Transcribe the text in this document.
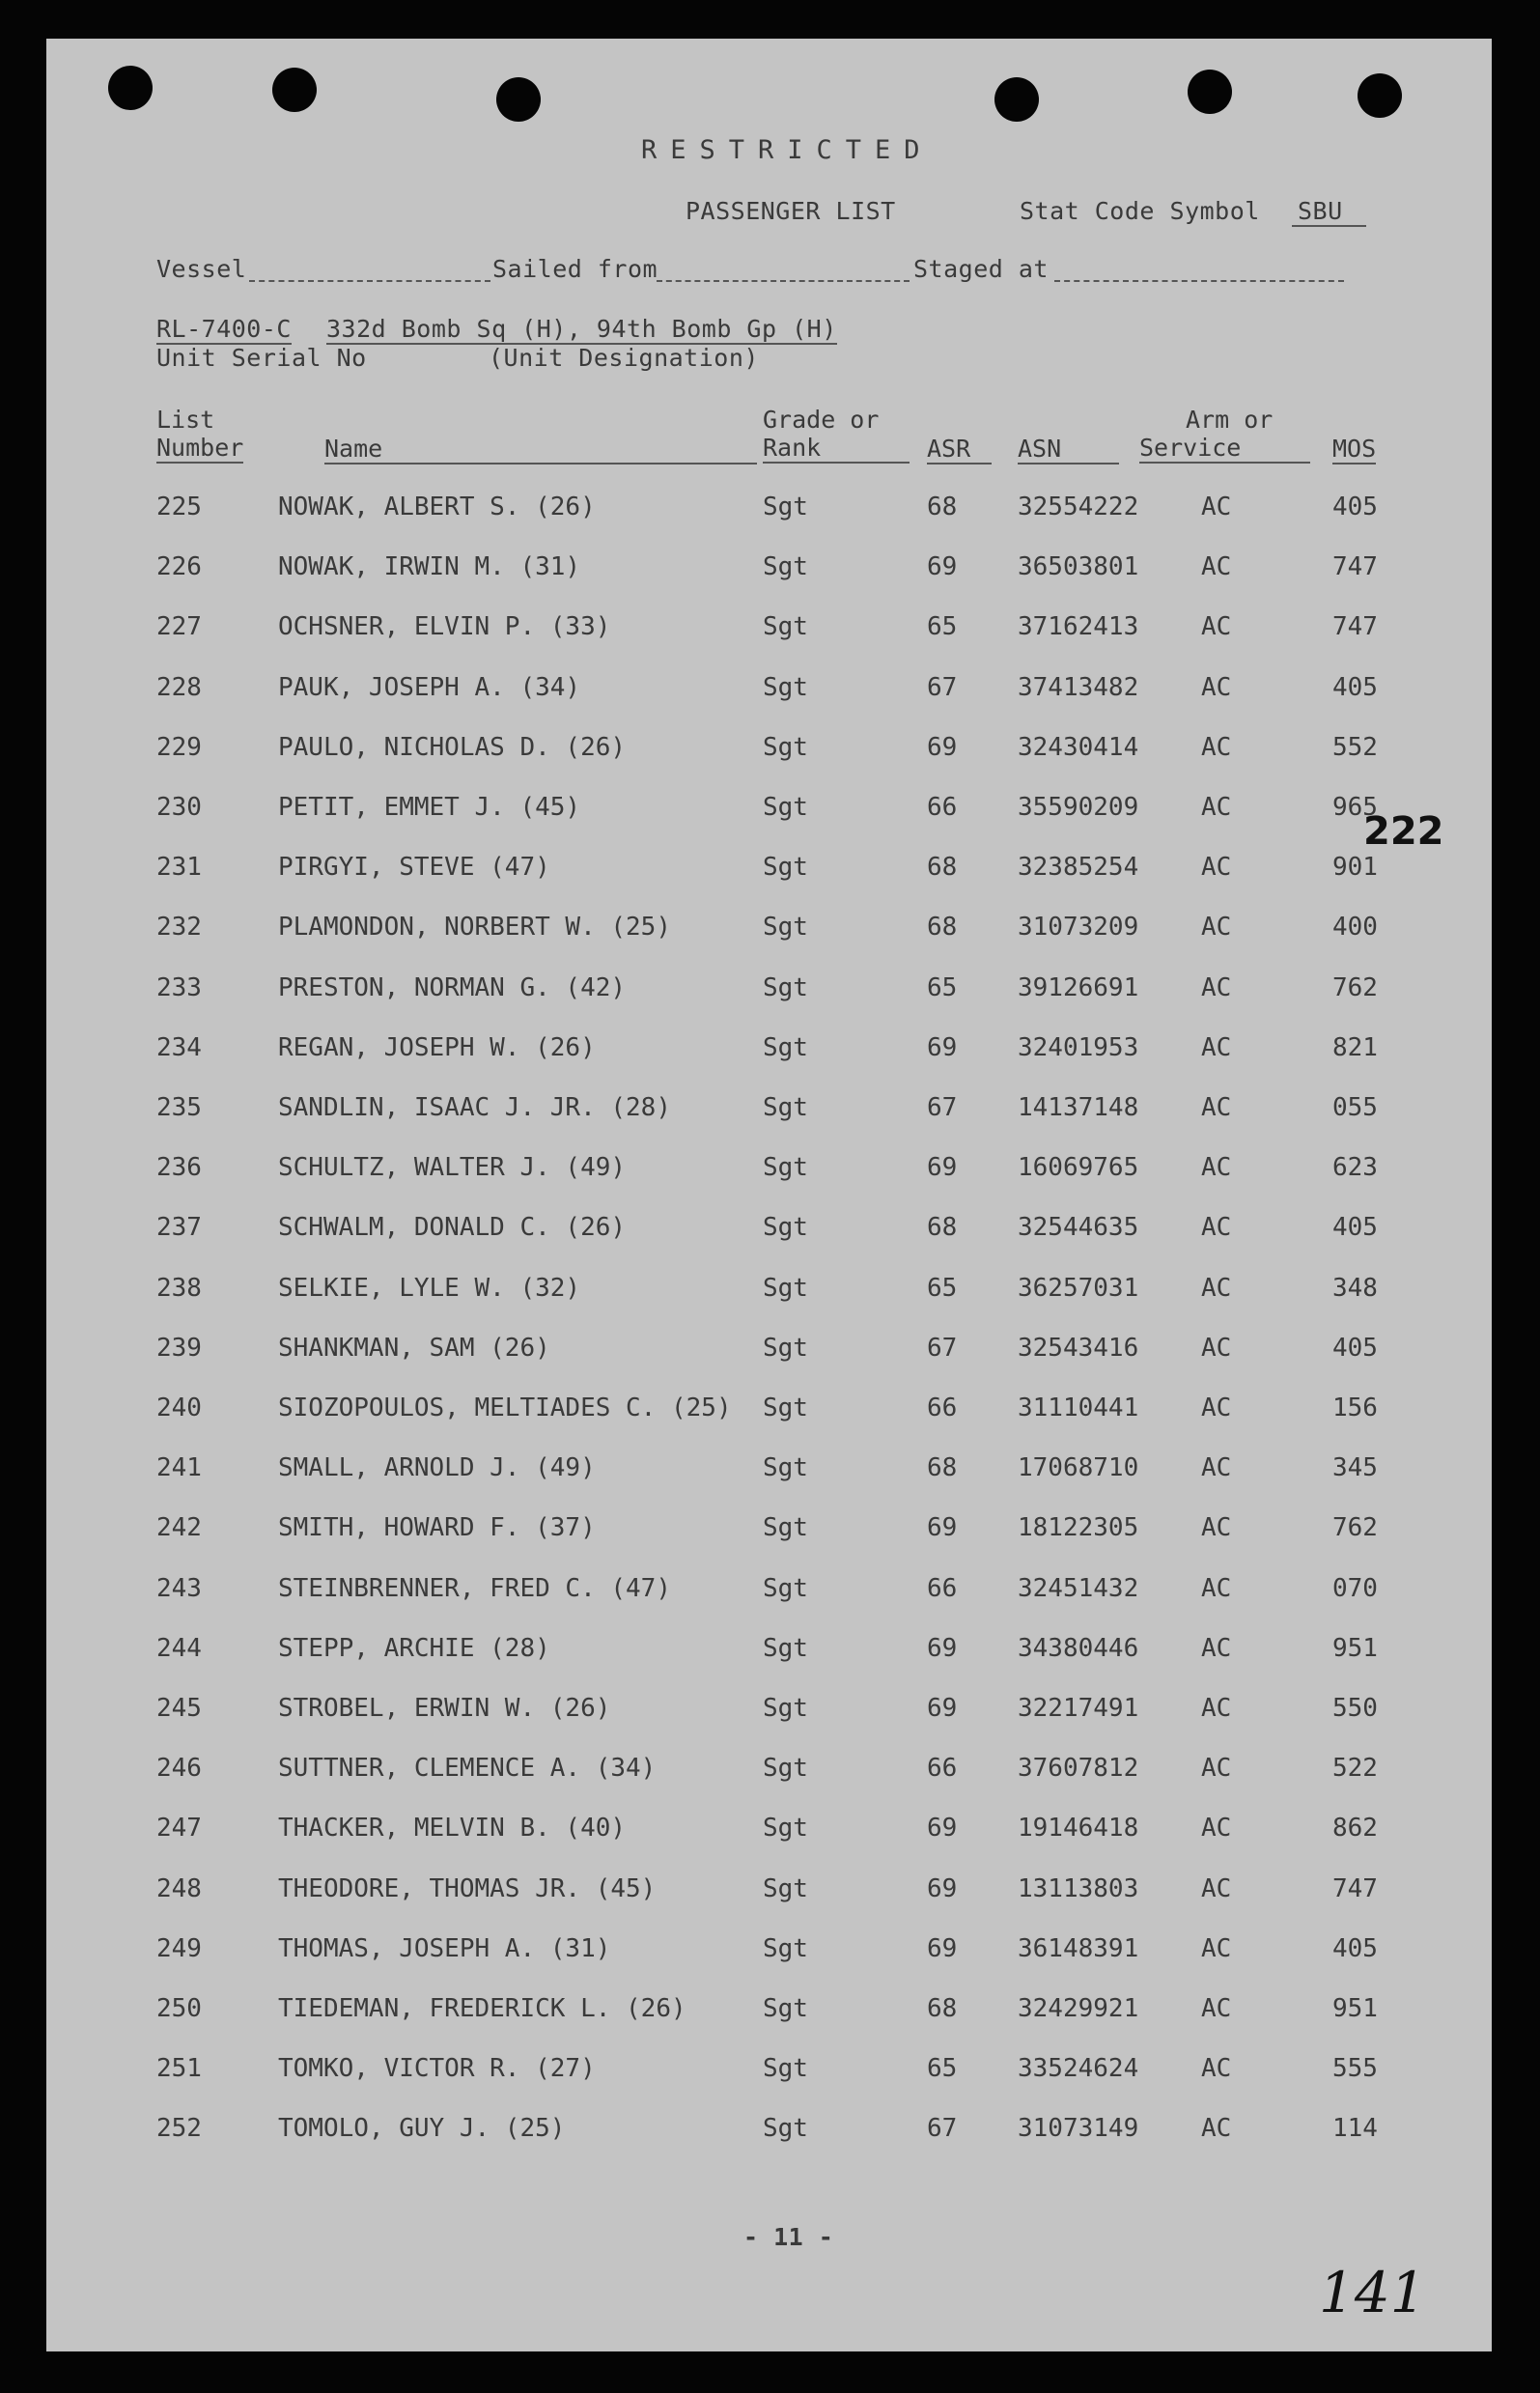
RESTRICTED
PASSENGER LIST	Stat Code Symbol SBU
Vessel	Sailed from	Staged at
RL-7400-C 332d Bomb Sq (H), 94th Bomb Gp (H)
Unit Serial No	(Unit Designation)
List
Number	Name
Grade or
Rank	ASR	ASN
Arm or
Service	MOS
225	NOWAK, ALBERT S. (26)	Sgt	68 32554222 AC	405
226	NOWAK, IRWIN M. (31)	Sgt	69 36503801 AC	747
227	OCHSNER, ELVIN P. (33)	Sgt	65 37162413 AC	747
228	PAUK, JOSEPH A. (34)	Sgt	67 37413482 AC	405
229	PAULO, NICHOLAS D. (26)	Sgt	69 32430414 AC	552
230	PETIT, EMMET J. (45)	Sgt	66 35590209 AC	965
231	PIRGYI, STEVE (47)	Sgt	68 32385254 AC	901
232	PLAMONDON, NORBERT W. (25)	Sgt	68 31073209 AC	400
233	PRESTON, NORMAN G. (42)	Sgt	65 39126691 AC	762
234	REGAN, JOSEPH W. (26)	Sgt	69 32401953 AC	821
235	SANDLIN, ISAAC J. JR. (28)	Sgt	67 14137148 AC	055
236	SCHULTZ, WALTER J. (49)	Sgt	69 16069765 AC	623
237	SCHWALM, DONALD C. (26)	Sgt	68 32544635 AC	405
238	SELKIE, LYLE W. (32)	Sgt	65 36257031 AC	348
239	SHANKMAN, SAM (26)	Sgt	67 32543416 AC	405
240	SIOZOPOULOS, MELTIADES C. (25) Sgt	66 31110441 AC	156
241	SMALL, ARNOLD J. (49)	Sgt	68 17068710 AC	345
242	SMITH, HOWARD F. (37)	Sgt	69 18122305 AC	762
243	STEINBRENNER, FRED C. (47)	Sgt	66 32451432 AC	070
244	STEPP, ARCHIE (28)	Sgt	69 34380446 AC	951
245	STROBEL, ERWIN W. (26)	Sgt	69 32217491 AC	550
246	SUTTNER, CLEMENCE A. (34)	Sgt	66 37607812 AC	522
247	THACKER, MELVIN B. (40)	Sgt	69 19146418 AC	862
248	THEODORE, THOMAS JR. (45)	Sgt	69 13113803 AC	747
249	THOMAS, JOSEPH A. (31)	Sgt	69 36148391 AC	405
250	TIEDEMAN, FREDERICK L. (26)	Sgt	68 32429921 AC	951
251	TOMKO, VICTOR R. (27)	Sgt	65 33524624 AC	555
252	TOMOLO, GUY J. (25)	Sgt	67 31073149 AC	114
222
- 11 -
141
